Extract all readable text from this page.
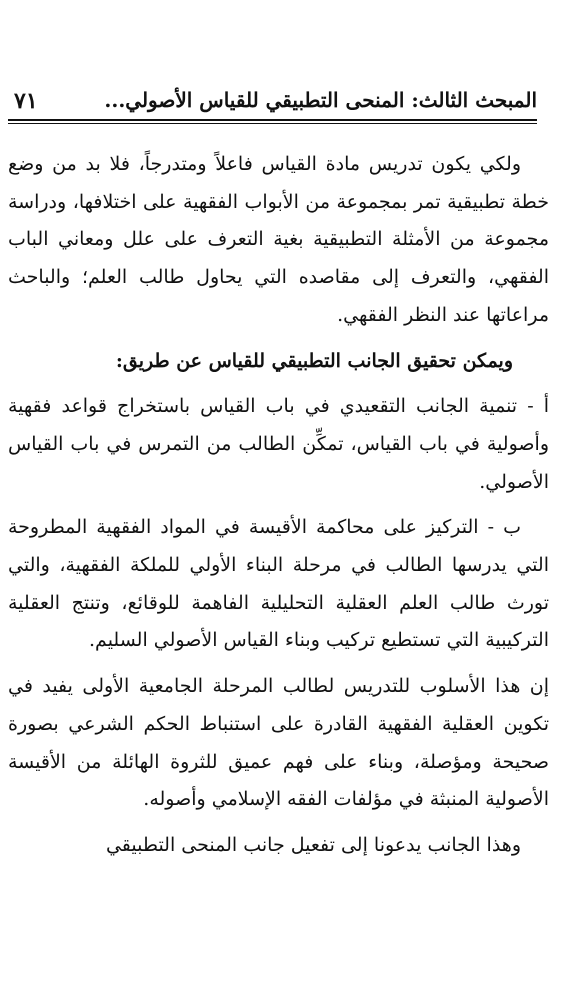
المبحث الثالث: المنحى التطبيقي للقياس الأصولي...
٧١

ولكي يكون تدريس مادة القياس فاعلاً ومتدرجاً، فلا بد من وضع خطة تطبيقية تمر بمجموعة من الأبواب الفقهية على اختلافها، ودراسة مجموعة من الأمثلة التطبيقية بغية التعرف على علل ومعاني الباب الفقهي، والتعرف إلى مقاصده التي يحاول طالب العلم؛ والباحث مراعاتها عند النظر الفقهي.

ويمكن تحقيق الجانب التطبيقي للقياس عن طريق:

أ - تنمية الجانب التقعيدي في باب القياس باستخراج قواعد فقهية وأصولية في باب القياس، تمكِّن الطالب من التمرس في باب القياس الأصولي.

ب - التركيز على محاكمة الأقيسة في المواد الفقهية المطروحة التي يدرسها الطالب في مرحلة البناء الأولي للملكة الفقهية، والتي تورث طالب العلم العقلية التحليلية الفاهمة للوقائع، وتنتج العقلية التركيبية التي تستطيع تركيب وبناء القياس الأصولي السليم.

إن هذا الأسلوب للتدريس لطالب المرحلة الجامعية الأولى يفيد في تكوين العقلية الفقهية القادرة على استنباط الحكم الشرعي بصورة صحيحة ومؤصلة، وبناء على فهم عميق للثروة الهائلة من الأقيسة الأصولية المنبثة في مؤلفات الفقه الإسلامي وأصوله.

وهذا الجانب يدعونا إلى تفعيل جانب المنحى التطبيقي
